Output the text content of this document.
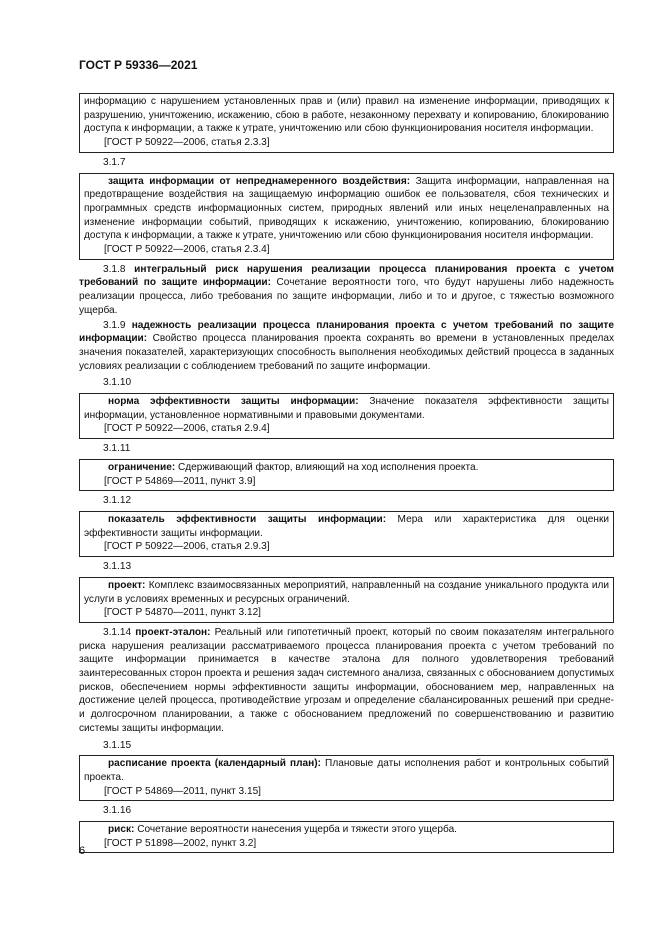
ГОСТ Р 59336—2021

информацию с нарушением установленных прав и (или) правил на изменение информации, приводящих к разрушению, уничтожению, искажению, сбою в работе, незаконному перехвату и копированию, блокированию доступа к информации, а также к утрате, уничтожению или сбою функционирования носителя информации.

[ГОСТ Р 50922—2006, статья 2.3.3]

3.1.7

защита информации от непреднамеренного воздействия: Защита информации, направленная на предотвращение воздействия на защищаемую информацию ошибок ее пользователя, сбоя технических и программных средств информационных систем, природных явлений или иных нецеленаправленных на изменение информации событий, приводящих к искажению, уничтожению, копированию, блокированию доступа к информации, а также к утрате, уничтожению или сбою функционирования носителя информации.

[ГОСТ Р 50922—2006, статья 2.3.4]

3.1.8 интегральный риск нарушения реализации процесса планирования проекта с учетом требований по защите информации: Сочетание вероятности того, что будут нарушены либо надежность реализации процесса, либо требования по защите информации, либо и то и другое, с тяжестью возможного ущерба.

3.1.9 надежность реализации процесса планирования проекта с учетом требований по защите информации: Свойство процесса планирования проекта сохранять во времени в установленных пределах значения показателей, характеризующих способность выполнения необходимых действий процесса в заданных условиях реализации с соблюдением требований по защите информации.

3.1.10

норма эффективности защиты информации: Значение показателя эффективности защиты информации, установленное нормативными и правовыми документами.

[ГОСТ Р 50922—2006, статья 2.9.4]

3.1.11

ограничение: Сдерживающий фактор, влияющий на ход исполнения проекта.

[ГОСТ Р 54869—2011, пункт 3.9]

3.1.12

показатель эффективности защиты информации: Мера или характеристика для оценки эффективности защиты информации.

[ГОСТ Р 50922—2006, статья 2.9.3]

3.1.13

проект: Комплекс взаимосвязанных мероприятий, направленный на создание уникального продукта или услуги в условиях временных и ресурсных ограничений.

[ГОСТ Р 54870—2011, пункт 3.12]

3.1.14 проект-эталон: Реальный или гипотетичный проект, который по своим показателям интегрального риска нарушения реализации рассматриваемого процесса планирования проекта с учетом требований по защите информации принимается в качестве эталона для полного удовлетворения требований заинтересованных сторон проекта и решения задач системного анализа, связанных с обоснованием допустимых рисков, обеспечением нормы эффективности защиты информации, обоснованием мер, направленных на достижение целей процесса, противодействие угрозам и определение сбалансированных решений при средне- и долгосрочном планировании, а также с обоснованием предложений по совершенствованию и развитию системы защиты информации.

3.1.15

расписание проекта (календарный план): Плановые даты исполнения работ и контрольных событий проекта.

[ГОСТ Р 54869—2011, пункт 3.15]

3.1.16

риск: Сочетание вероятности нанесения ущерба и тяжести этого ущерба.

[ГОСТ Р 51898—2002, пункт 3.2]

6
